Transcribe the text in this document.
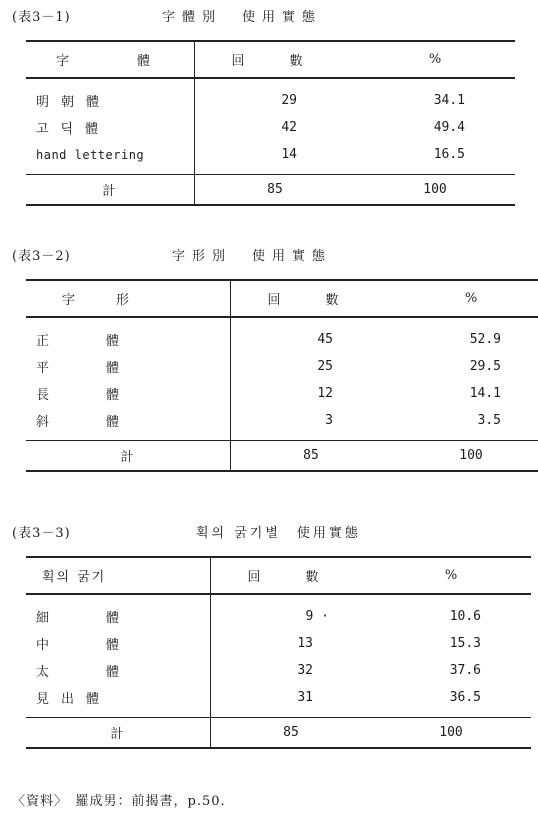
(表3－1)	字體別　使用實態
字　　體	回　數	%
明朝體	29	34.1
고딕體	42	49.4
hand lettering	14	16.5
計	85	100
(表3－2)	字形別　使用實態
字　形	回　數	%
正　體	45	52.9
平　體	25	29.5
長　體	12	14.1
斜　體	3	3.5
計	85	100
(表3－3)	획의 굵기별　使用實態
획의 굵기	回　數	%
細　體	9 ·	10.6
中　體	13	15.3
太　體	32	37.6
見出體	31	36.5
計	85	100
〈資料〉　羅成男：前揭書，p.50.
